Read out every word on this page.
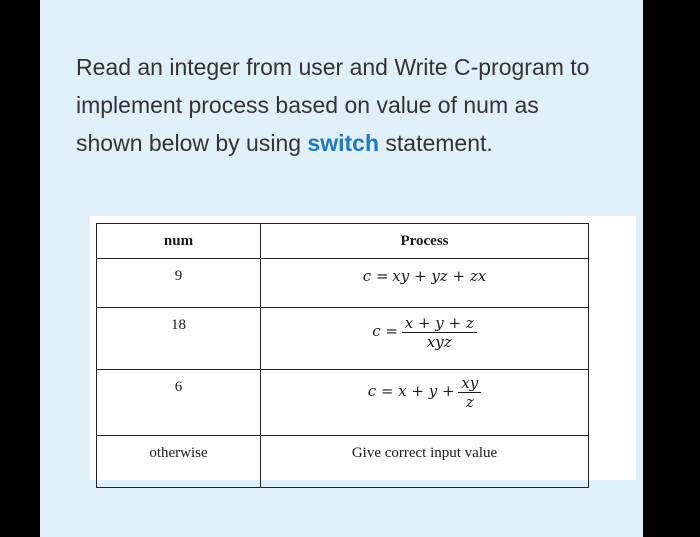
Read an integer from user and Write C-program to implement process based on value of num as shown below by using switch statement.
num	Process
9	c = xy + yz + zx
18	$c = \frac{x + y + z}{\text{xyz}}$

6	$c = x + y + \frac{xy}{z}$

otherwise	Give correct input value
